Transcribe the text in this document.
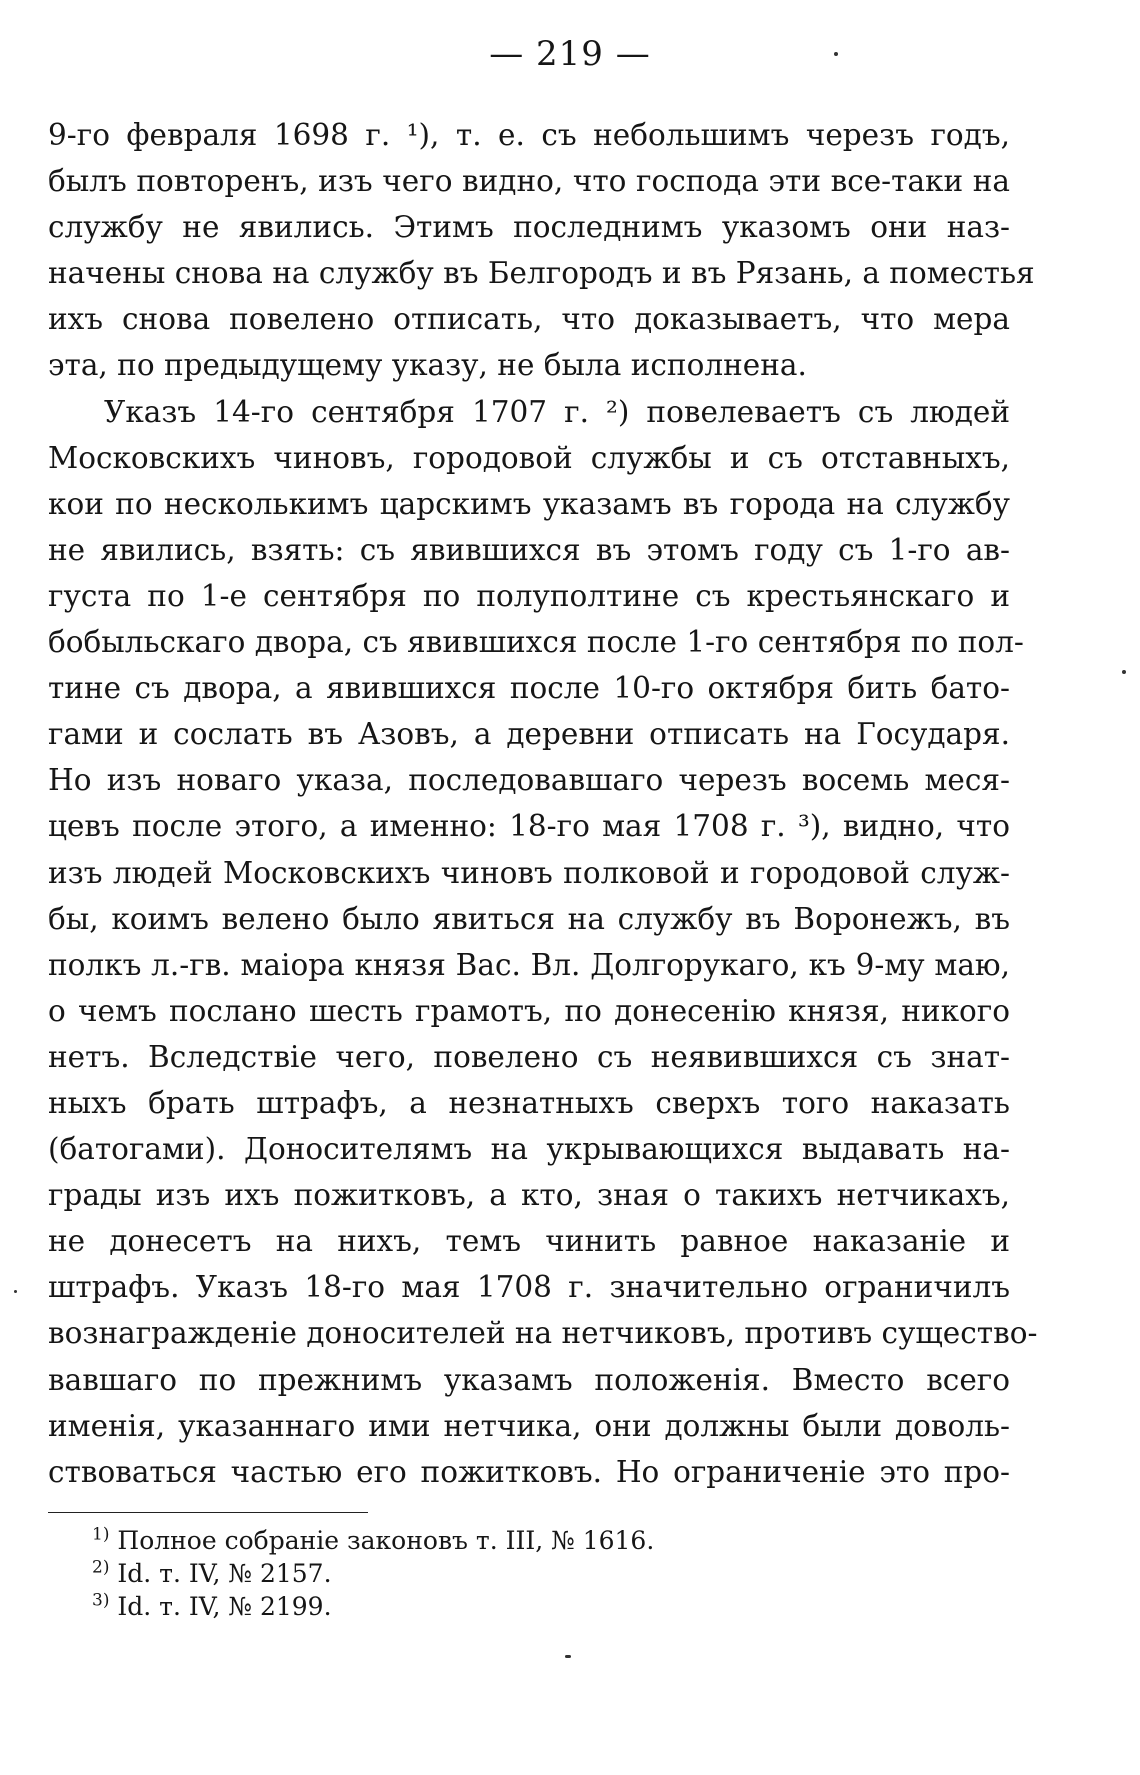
— 219 —
9-го февраля 1698 г. ¹), т. е. съ небольшимъ черезъ годъ,
былъ повторенъ, изъ чего видно, что господа эти все-таки на
службу не явились. Этимъ последнимъ указомъ они наз-
начены снова на службу въ Белгородъ и въ Рязань, а поместья
ихъ снова повелено отписать, что доказываетъ, что мера
эта, по предыдущему указу, не была исполнена.
Указъ 14-го сентября 1707 г. ²) повелеваетъ съ людей
Московскихъ чиновъ, городовой службы и съ отставныхъ,
кои по несколькимъ царскимъ указамъ въ города на службу
не явились, взять: съ явившихся въ этомъ году съ 1-го ав-
густа по 1-е сентября по полуполтине съ крестьянскаго и
бобыльскаго двора, съ явившихся после 1-го сентября по пол-
тине съ двора, а явившихся после 10-го октября бить бато-
гами и сослать въ Азовъ, а деревни отписать на Государя.
Но изъ новаго указа, последовавшаго черезъ восемь меся-
цевъ после этого, а именно: 18-го мая 1708 г. ³), видно, что
изъ людей Московскихъ чиновъ полковой и городовой служ-
бы, коимъ велено было явиться на службу въ Воронежъ, въ
полкъ л.-гв. маiора князя Вас. Вл. Долгорукаго, къ 9-му маю,
о чемъ послано шесть грамотъ, по донесенiю князя, никого
нетъ. Вследствiе чего, повелено съ неявившихся съ знат-
ныхъ брать штрафъ, а незнатныхъ сверхъ того наказать
(батогами). Доносителямъ на укрывающихся выдавать на-
грады изъ ихъ пожитковъ, а кто, зная о такихъ нетчикахъ,
не донесетъ на нихъ, темъ чинить равное наказанiе и
штрафъ. Указъ 18-го мая 1708 г. значительно ограничилъ
вознагражденiе доносителей на нетчиковъ, противъ существо-
вавшаго по прежнимъ указамъ положенiя. Вместо всего
именiя, указаннаго ими нетчика, они должны были доволь-
ствоваться частью его пожитковъ. Но ограниченiе это про-
$^{1)}$ Полное собранiе законовъ т. III, № 1616.
$^{2)}$ Id. т. IV, № 2157.
$^{3)}$ Id. т. IV, № 2199.
